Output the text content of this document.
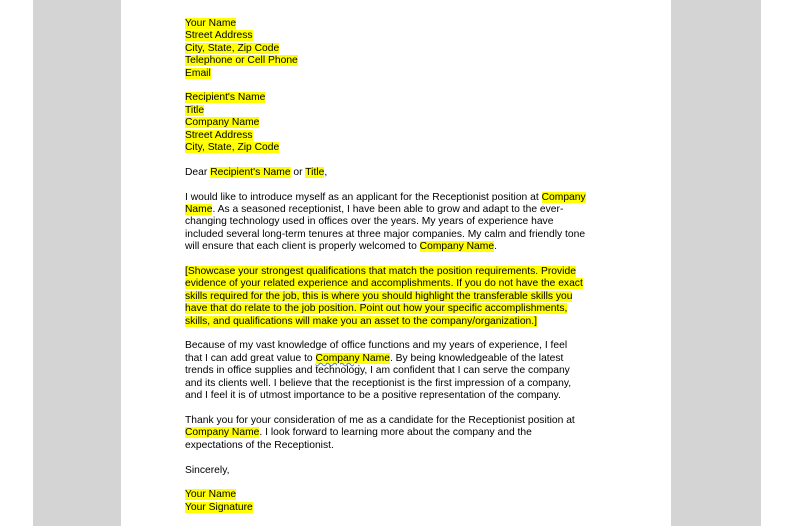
Your Name
Street Address
City, State, Zip Code
Telephone or Cell Phone
Email
Recipient's Name
Title
Company Name
Street Address
City, State, Zip Code
Dear Recipient's Name or Title,
I would like to introduce myself as an applicant for the Receptionist position at Company
Name. As a seasoned receptionist, I have been able to grow and adapt to the ever-
changing technology used in offices over the years. My years of experience have
included several long-term tenures at three major companies. My calm and friendly tone
will ensure that each client is properly welcomed to Company Name.
[Showcase your strongest qualifications that match the position requirements. Provide
evidence of your related experience and accomplishments. If you do not have the exact
skills required for the job, this is where you should highlight the transferable skills you
have that do relate to the job position. Point out how your specific accomplishments,
skills, and qualifications will make you an asset to the company/organization.]
Because of my vast knowledge of office functions and my years of experience, I feel
that I can add great value to Company Name. By being knowledgeable of the latest
trends in office supplies and technology, I am confident that I can serve the company
and its clients well. I believe that the receptionist is the first impression of a company,
and I feel it is of utmost importance to be a positive representation of the company.
Thank you for your consideration of me as a candidate for the Receptionist position at
Company Name. I look forward to learning more about the company and the
expectations of the Receptionist.
Sincerely,
Your Name
Your Signature
